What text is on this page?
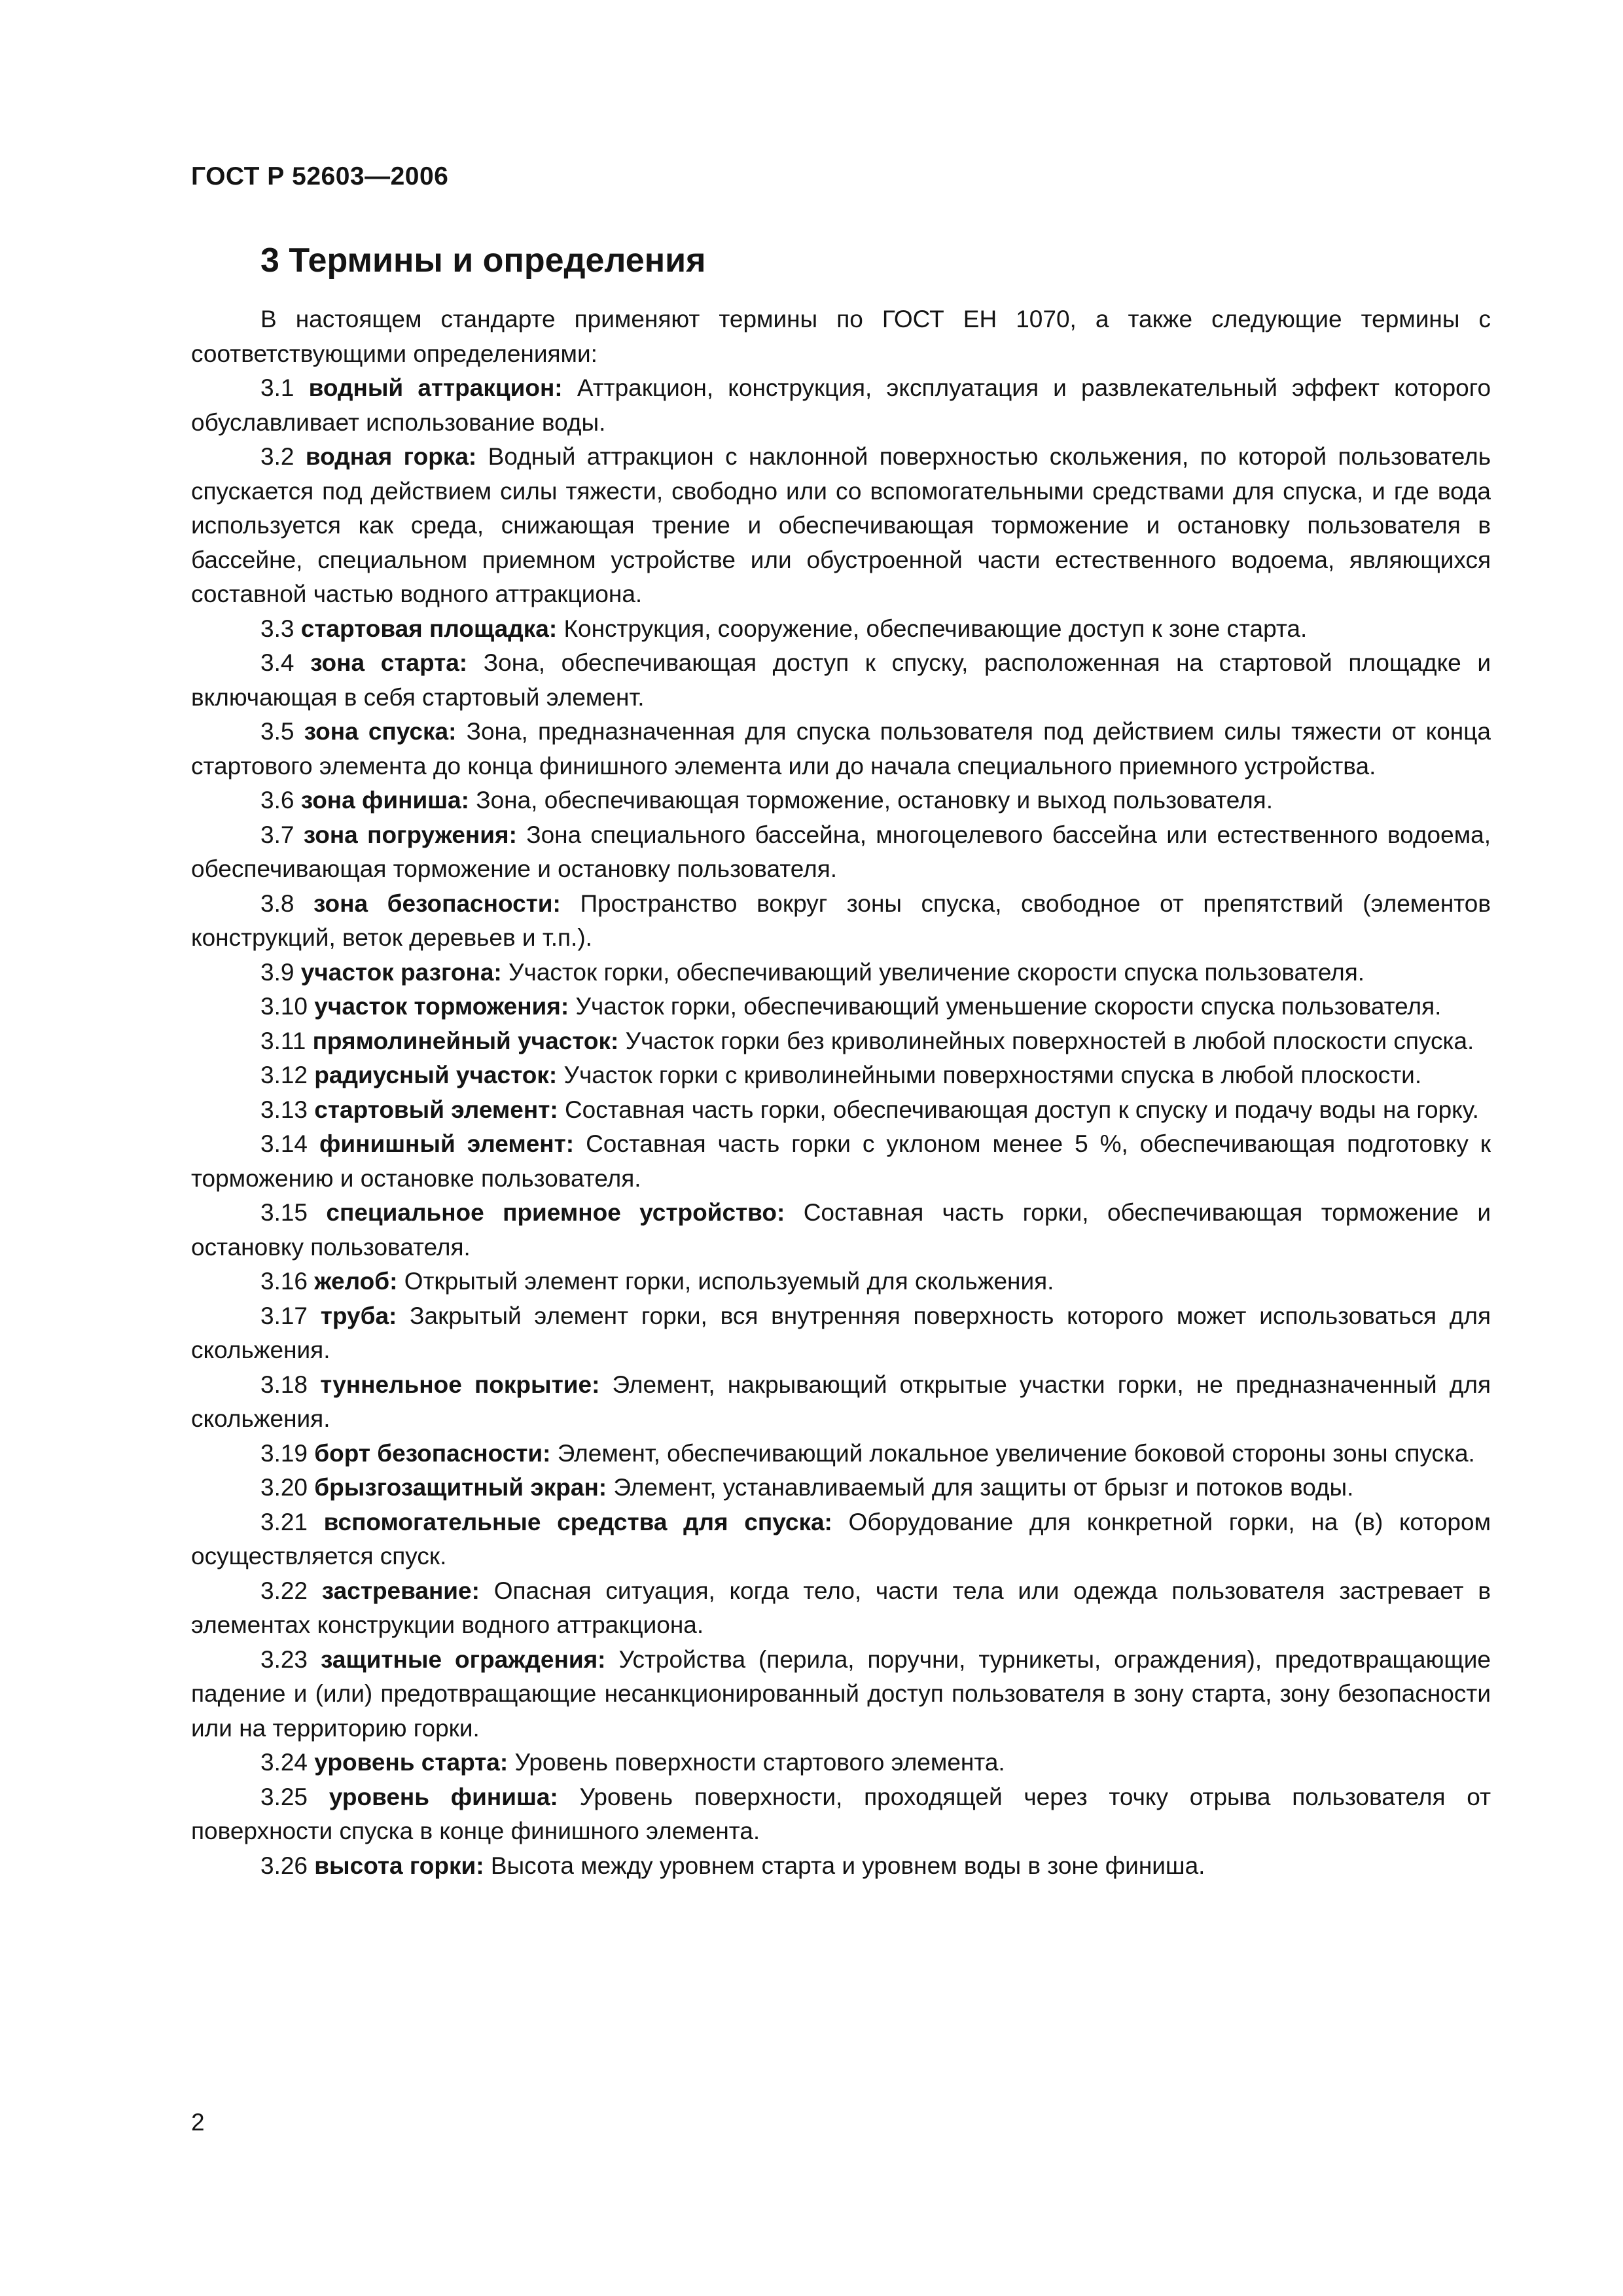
ГОСТ Р 52603—2006
3 Термины и определения

В настоящем стандарте применяют термины по ГОСТ ЕН 1070, а также следующие термины с соответствующими определениями:

3.1 водный аттракцион: Аттракцион, конструкция, эксплуатация и развлекательный эффект которого обуславливает использование воды.

3.2 водная горка: Водный аттракцион с наклонной поверхностью скольжения, по которой пользователь спускается под действием силы тяжести, свободно или со вспомогательными средствами для спуска, и где вода используется как среда, снижающая трение и обеспечивающая торможение и остановку пользователя в бассейне, специальном приемном устройстве или обустроенной части естественного водоема, являющихся составной частью водного аттракциона.

3.3 стартовая площадка: Конструкция, сооружение, обеспечивающие доступ к зоне старта.

3.4 зона старта: Зона, обеспечивающая доступ к спуску, расположенная на стартовой площадке и включающая в себя стартовый элемент.

3.5 зона спуска: Зона, предназначенная для спуска пользователя под действием силы тяжести от конца стартового элемента до конца финишного элемента или до начала специального приемного устройства.

3.6 зона финиша: Зона, обеспечивающая торможение, остановку и выход пользователя.

3.7 зона погружения: Зона специального бассейна, многоцелевого бассейна или естественного водоема, обеспечивающая торможение и остановку пользователя.

3.8 зона безопасности: Пространство вокруг зоны спуска, свободное от препятствий (элементов конструкций, веток деревьев и т.п.).

3.9 участок разгона: Участок горки, обеспечивающий увеличение скорости спуска пользователя.

3.10 участок торможения: Участок горки, обеспечивающий уменьшение скорости спуска пользователя.

3.11 прямолинейный участок: Участок горки без криволинейных поверхностей в любой плоскости спуска.

3.12 радиусный участок: Участок горки с криволинейными поверхностями спуска в любой плоскости.

3.13 стартовый элемент: Составная часть горки, обеспечивающая доступ к спуску и подачу воды на горку.

3.14 финишный элемент: Составная часть горки с уклоном менее 5 %, обеспечивающая подготовку к торможению и остановке пользователя.

3.15 специальное приемное устройство: Составная часть горки, обеспечивающая торможение и остановку пользователя.

3.16 желоб: Открытый элемент горки, используемый для скольжения.

3.17 труба: Закрытый элемент горки, вся внутренняя поверхность которого может использоваться для скольжения.

3.18 туннельное покрытие: Элемент, накрывающий открытые участки горки, не предназначенный для скольжения.

3.19 борт безопасности: Элемент, обеспечивающий локальное увеличение боковой стороны зоны спуска.

3.20 брызгозащитный экран: Элемент, устанавливаемый для защиты от брызг и потоков воды.

3.21 вспомогательные средства для спуска: Оборудование для конкретной горки, на (в) котором осуществляется спуск.

3.22 застревание: Опасная ситуация, когда тело, части тела или одежда пользователя застревает в элементах конструкции водного аттракциона.

3.23 защитные ограждения: Устройства (перила, поручни, турникеты, ограждения), предотвращающие падение и (или) предотвращающие несанкционированный доступ пользователя в зону старта, зону безопасности или на территорию горки.

3.24 уровень старта: Уровень поверхности стартового элемента.

3.25 уровень финиша: Уровень поверхности, проходящей через точку отрыва пользователя от поверхности спуска в конце финишного элемента.

3.26 высота горки: Высота между уровнем старта и уровнем воды в зоне финиша.

2
